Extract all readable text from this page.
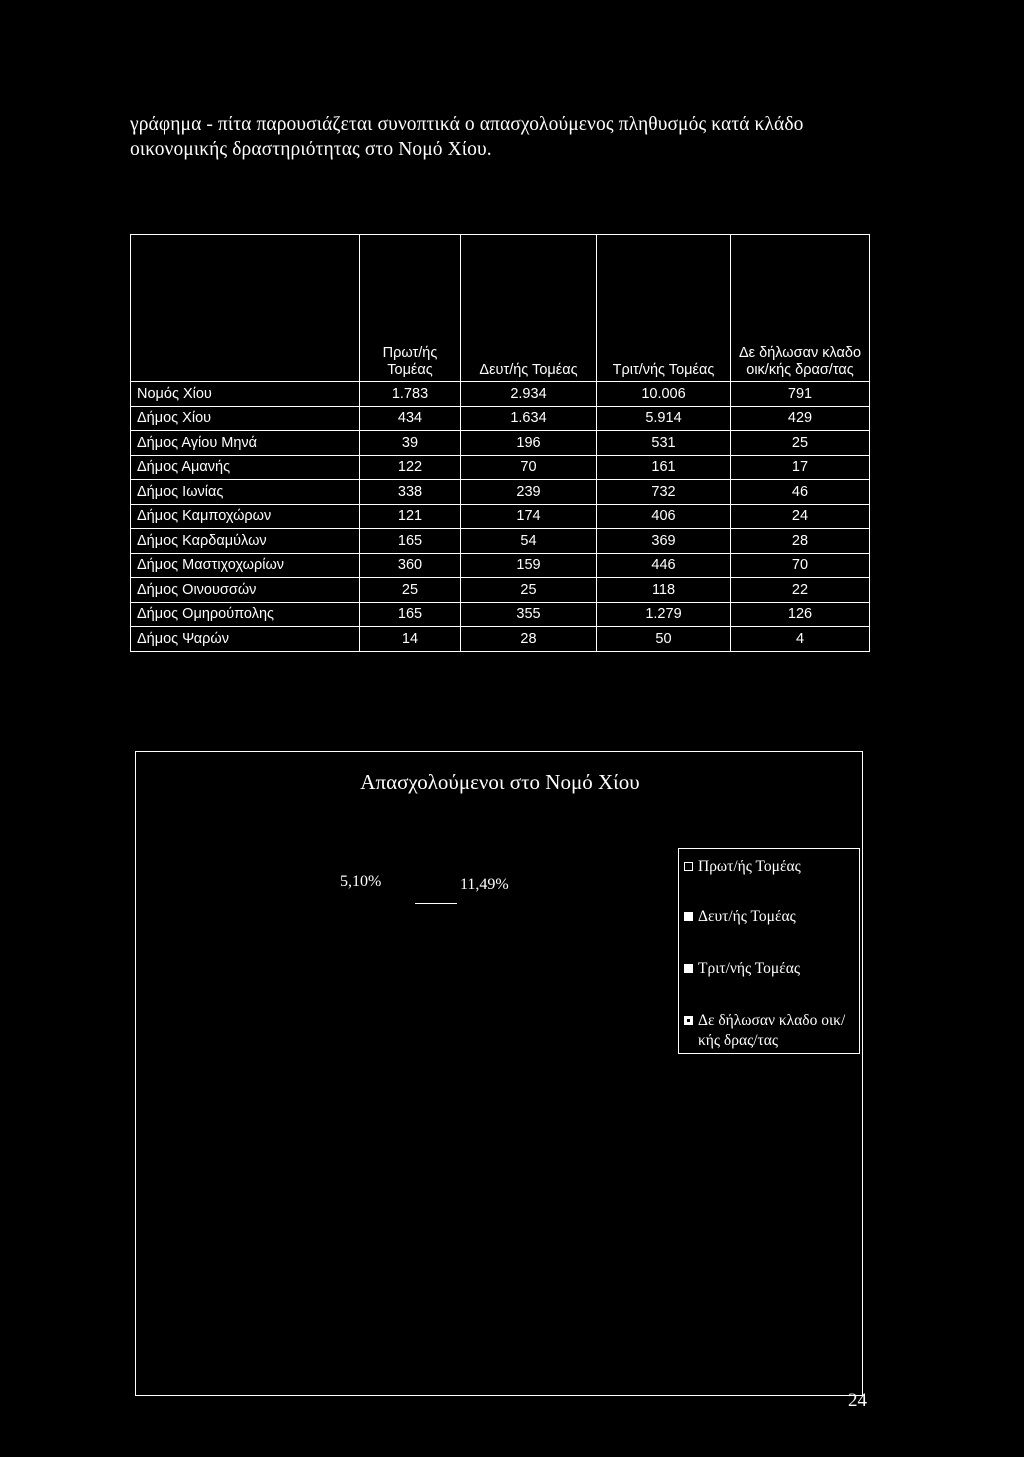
γράφημα - πίτα παρουσιάζεται συνοπτικά ο απασχολούμενος πληθυσμός κατά κλάδο οικονομικής δραστηριότητας στο Νομό Χίου.
	Πρωτ/ής Τομέας	Δευτ/ής Τομέας	Τριτ/νής Τομέας	Δε δήλωσαν κλαδο οικ/κής δρασ/τας
Νομός Χίου	1.783	2.934	10.006	791
Δήμος Χίου	434	1.634	5.914	429
Δήμος Αγίου Μηνά	39	196	531	25
Δήμος Αμανής	122	70	161	17
Δήμος Ιωνίας	338	239	732	46
Δήμος Καμποχώρων	121	174	406	24
Δήμος Καρδαμύλων	165	54	369	28
Δήμος Μαστιχοχωρίων	360	159	446	70
Δήμος Οινουσσών	25	25	118	22
Δήμος Ομηρούπολης	165	355	1.279	126
Δήμος Ψαρών	14	28	50	4
Απασχολούμενοι στο Νομό Χίου
5,10%	11,49%
Πρωτ/ής Τομέας
Δευτ/ής Τομέας
Τριτ/νής Τομέας
Δε δήλωσαν κλαδο οικ/κής δρας/τας
24
